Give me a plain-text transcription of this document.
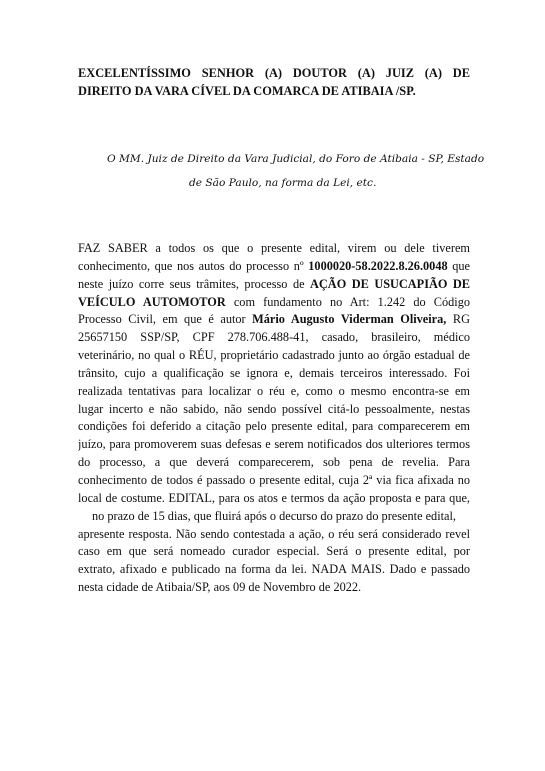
EXCELENTÍSSIMO SENHOR (A) DOUTOR (A) JUIZ (A) DE
DIREITO DA VARA CÍVEL DA COMARCA DE ATIBAIA /SP.

O MM. Juiz de Direito da Vara Judicial, do Foro de Atibaia - SP, Estado
de São Paulo, na forma da Lei, etc.

FAZ SABER a todos os que o presente edital, virem ou dele tiverem
conhecimento, que nos autos do processo nº 1000020-58.2022.8.26.0048 que
neste juízo corre seus trâmites, processo de AÇÃO DE USUCAPIÃO DE
VEÍCULO AUTOMOTOR com fundamento no Art: 1.242 do Código
Processo Civil, em que é autor Mário Augusto Viderman Oliveira, RG
25657150 SSP/SP, CPF 278.706.488-41, casado, brasileiro, médico
veterinário, no qual o RÉU, proprietário cadastrado junto ao órgão estadual de
trânsito, cujo a qualificação se ignora e, demais terceiros interessado. Foi
realizada tentativas para localizar o réu e, como o mesmo encontra-se em
lugar incerto e não sabido, não sendo possível citá-lo pessoalmente, nestas
condições foi deferido a citação pelo presente edital, para comparecerem em
juízo, para promoverem suas defesas e serem notificados dos ulteriores termos
do processo, a que deverá comparecerem, sob pena de revelia. Para
conhecimento de todos é passado o presente edital, cuja 2ª via fica afixada no
local de costume. EDITAL, para os atos e termos da ação proposta e para que,
no prazo de 15 dias, que fluirá após o decurso do prazo do presente edital,
apresente resposta. Não sendo contestada a ação, o réu será considerado revel
caso em que será nomeado curador especial. Será o presente edital, por
extrato, afixado e publicado na forma da lei. NADA MAIS. Dado e passado
nesta cidade de Atibaia/SP, aos 09 de Novembro de 2022.
